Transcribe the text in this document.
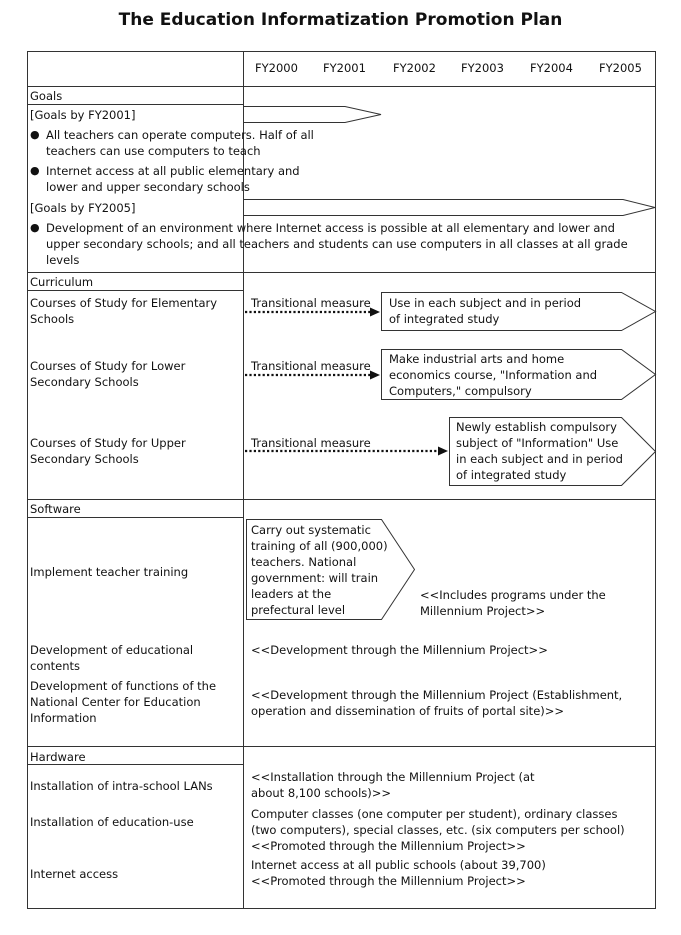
The Education Informatization Promotion Plan
FY2000 FY2001 FY2002 FY2003 FY2004 FY2005
Goals
[Goals by FY2001]
● All teachers can operate computers. Half of all teachers can use computers to teach
● Internet access at all public elementary and lower and upper secondary schools
[Goals by FY2005]
● Development of an environment where Internet access is possible at all elementary and lower and upper secondary schools; and all teachers and students can use computers in all classes at all grade levels
Curriculum
Courses of Study for Elementary Schools
Transitional measure Use in each subject and in period of integrated study
Courses of Study for Lower Secondary Schools
Transitional measure Make industrial arts and home economics course, "Information and Computers," compulsory
Courses of Study for Upper Secondary Schools
Transitional measure
Newly establish compulsory subject of "Information" Use in each subject and in period of integrated study
Software
Implement teacher training
Carry out systematic training of all (900,000) teachers. National government: will train leaders at the prefectural level
<<Includes programs under the Millennium Project>>
Development of educational contents
<<Development through the Millennium Project>>
Development of functions of the National Center for Education Information
<<Development through the Millennium Project (Establishment, operation and dissemination of fruits of portal site)>>
Hardware
Installation of intra-school LANs
<<Installation through the Millennium Project (at about 8,100 schools)>>
Installation of education-use
Computer classes (one computer per student), ordinary classes (two computers), special classes, etc. (six computers per school) <<Promoted through the Millennium Project>>
Internet access
Internet access at all public schools (about 39,700) <<Promoted through the Millennium Project>>
